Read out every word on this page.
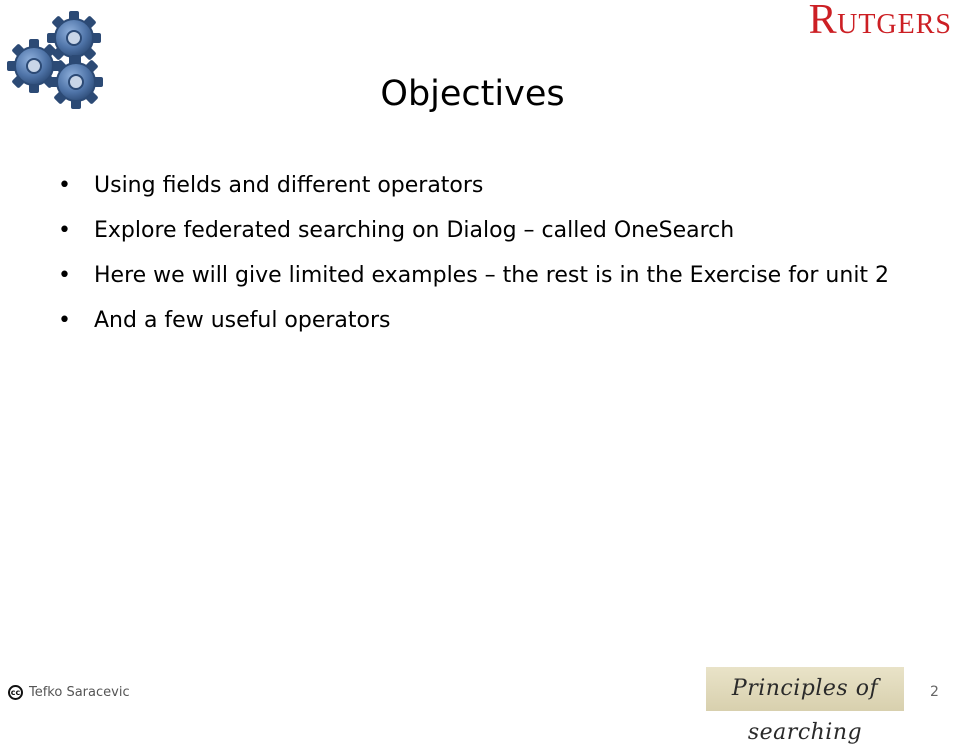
RUTGERS
Objectives
• Using fields and different operators
• Explore federated searching on Dialog – called OneSearch
• Here we will give limited examples – the rest is in the Exercise for unit 2
• And a few useful operators
cc Tefko Saracevic	Principles of searching
2
